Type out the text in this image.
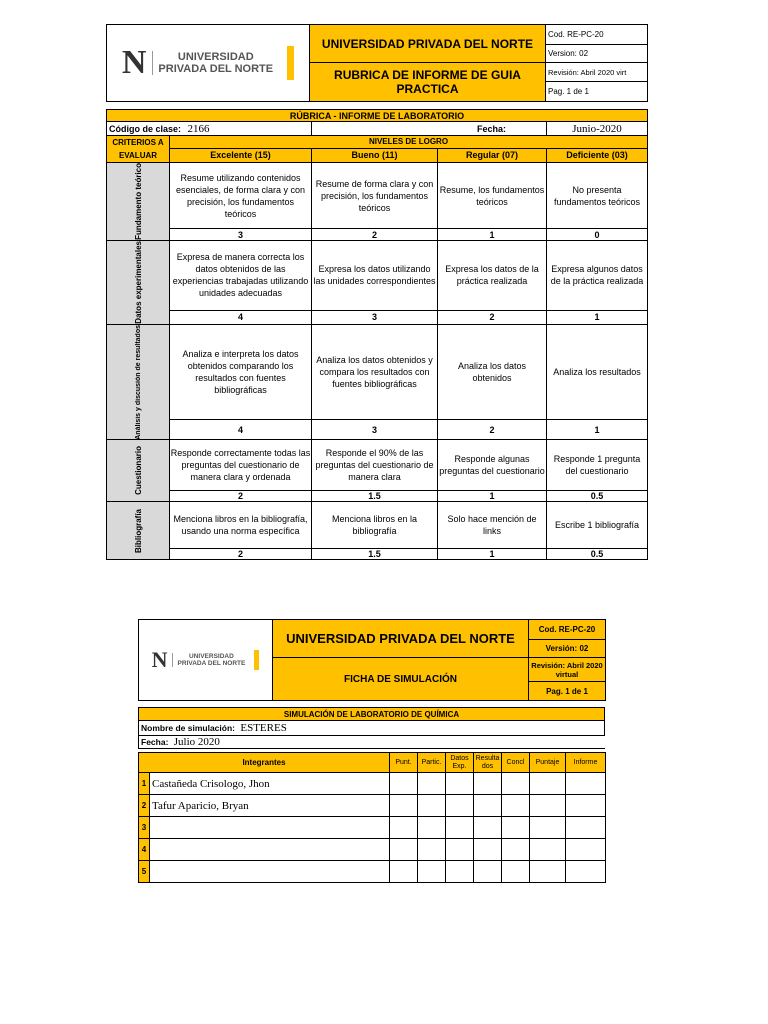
N UNIVERSIDAD
PRIVADA DEL NORTE	UNIVERSIDAD PRIVADA DEL NORTE	Cod. RE-PC-20
		Version: 02
	RUBRICA DE INFORME DE GUIA PRACTICA	Revisión: Abril 2020 virt
		Pag. 1 de 1
RÚBRICA - INFORME DE LABORATORIO				
Código de clase: 2166		Fecha:		Junio-2020
CRITERIOS A EVALUAR	NIVELES DE LOGRO			
	Excelente (15)	Bueno (11)	Regular (07)	Deficiente (03)

Fundamento teórico	Resume utilizando contenidos esenciales, de forma clara y con precisión, los fundamentos teóricos	Resume de forma clara y con precisión, los fundamentos teóricos	Resume, los fundamentos teóricos	No presenta fundamentos teóricos
	3	2	1	0

Datos experimentales	Expresa de manera correcta los datos obtenidos de las experiencias trabajadas utilizando unidades adecuadas	Expresa los datos utilizando las unidades correspondientes	Expresa los datos de la práctica realizada	Expresa algunos datos de la práctica realizada
	4	3	2	1

Análisis y discusión de resultados	Analiza e interpreta los datos obtenidos comparando los resultados con fuentes bibliográficas	Analiza los datos obtenidos y compara los resultados con fuentes bibliográficas	Analiza los datos obtenidos	Analiza los resultados
	4	3	2	1

Cuestionario	Responde correctamente todas las preguntas del cuestionario de manera clara y ordenada	Responde el 90% de las preguntas del cuestionario de manera clara	Responde algunas preguntas del cuestionario	Responde 1 pregunta del cuestionario
	2	1.5	1	0.5

Bibliografía	Menciona libros en la bibliografía, usando una norma específica	Menciona libros en la bibliografía	Solo hace mención de links	Escribe 1 bibliografía
	2	1.5	1	0.5
N UNIVERSIDAD
PRIVADA DEL NORTE	UNIVERSIDAD PRIVADA DEL NORTE	Cod. RE-PC-20
		Versión: 02
	FICHA DE SIMULACIÓN	Revisión: Abril 2020 virtual
		Pag. 1 de 1
SIMULACIÓN DE LABORATORIO DE QUÍMICA
Nombre de simulación: ESTERES
Fecha: Julio 2020
Integrantes		Punt.	Partic.	Datos Exp.	Resultados	Concl	Puntaje	Informe
1	Castañeda Crisologo, Jhon							
2	Tafur Aparicio, Bryan							
3								
4								
5								
